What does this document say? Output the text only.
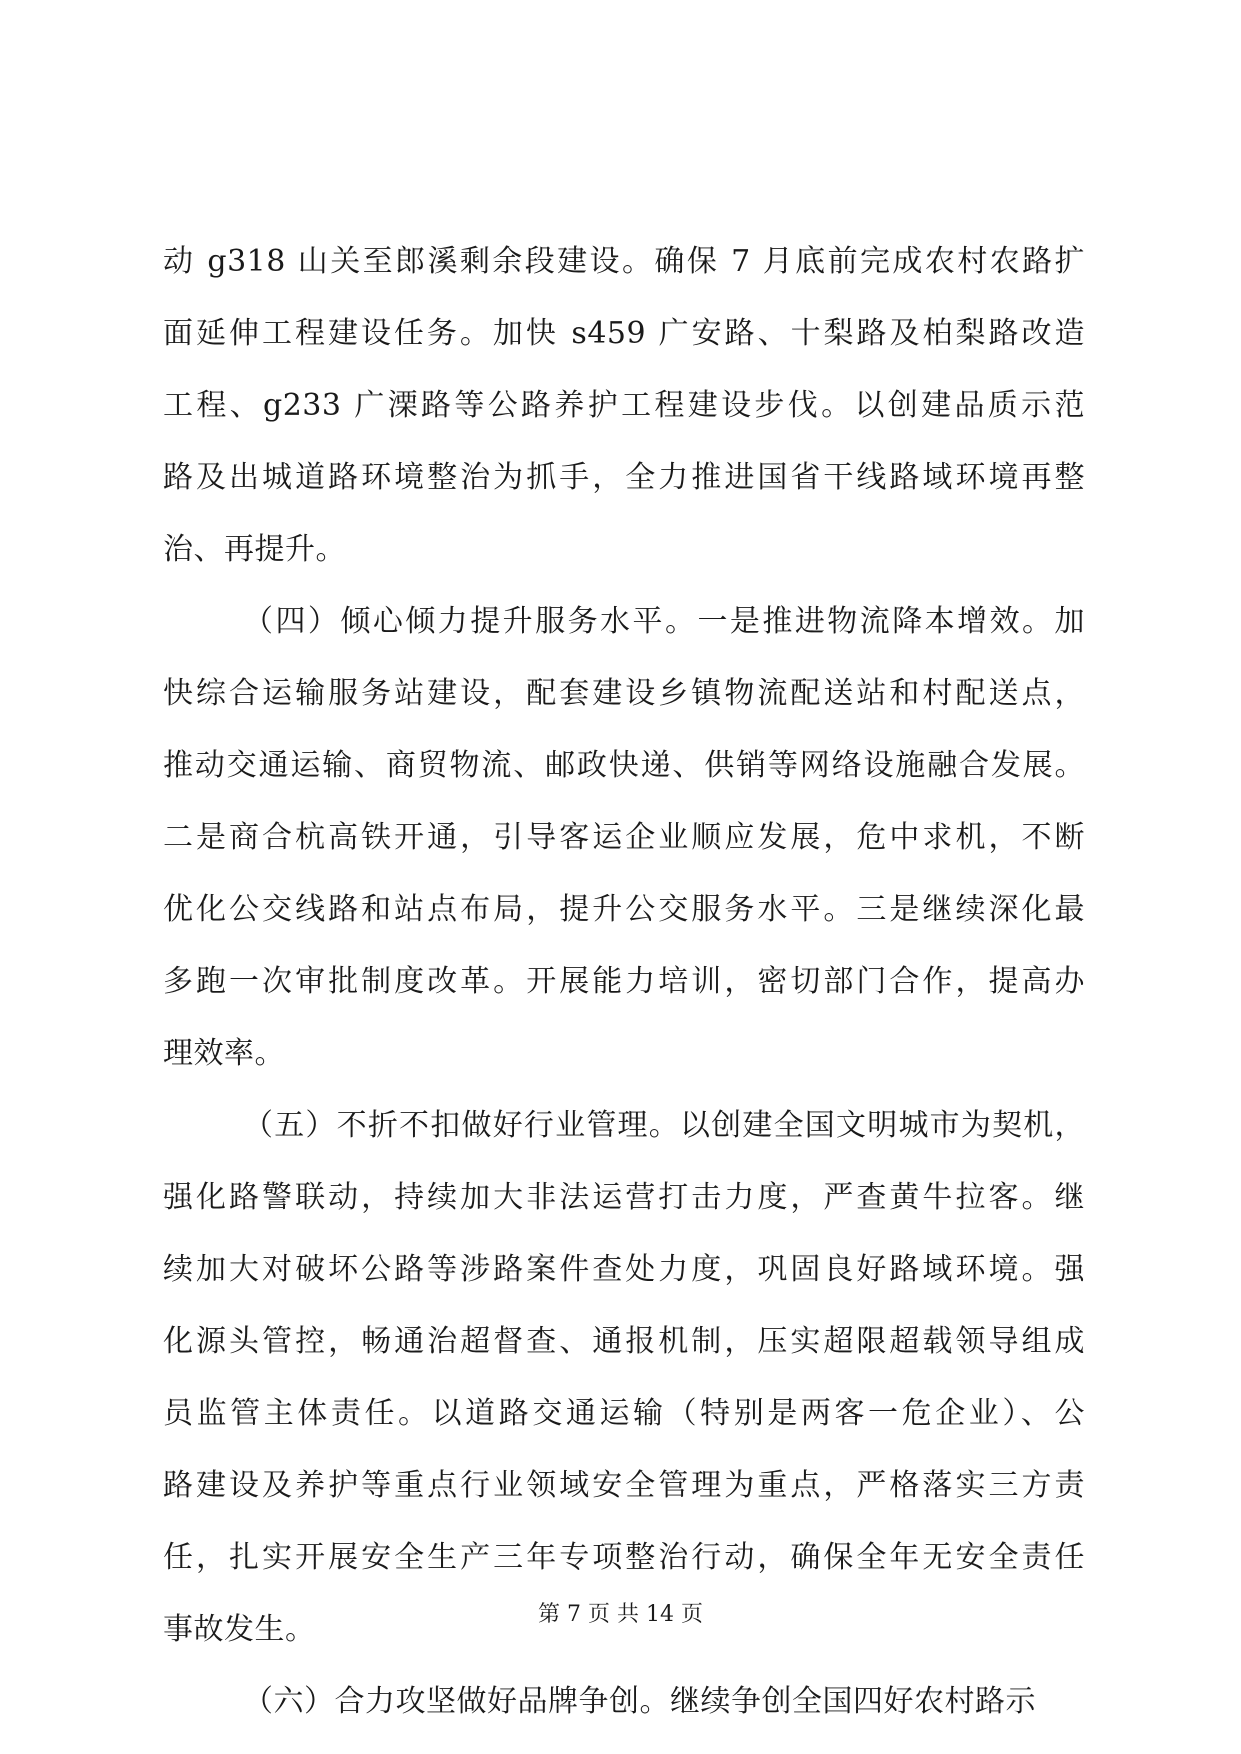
动 g318 山关至郎溪剩余段建设。确保 7 月底前完成农村农路扩
面延伸工程建设任务。加快 s459 广安路、十梨路及柏梨路改造
工程、g233 广溧路等公路养护工程建设步伐。以创建品质示范
路及出城道路环境整治为抓手，全力推进国省干线路域环境再整
治、再提升。
（四）倾心倾力提升服务水平。一是推进物流降本增效。加
快综合运输服务站建设，配套建设乡镇物流配送站和村配送点，
推动交通运输、商贸物流、邮政快递、供销等网络设施融合发展。
二是商合杭高铁开通，引导客运企业顺应发展，危中求机，不断
优化公交线路和站点布局，提升公交服务水平。三是继续深化最
多跑一次审批制度改革。开展能力培训，密切部门合作，提高办
理效率。
（五）不折不扣做好行业管理。以创建全国文明城市为契机，
强化路警联动，持续加大非法运营打击力度，严查黄牛拉客。继
续加大对破坏公路等涉路案件查处力度，巩固良好路域环境。强
化源头管控，畅通治超督查、通报机制，压实超限超载领导组成
员监管主体责任。以道路交通运输（特别是两客一危企业）、公
路建设及养护等重点行业领域安全管理为重点，严格落实三方责
任，扎实开展安全生产三年专项整治行动，确保全年无安全责任
事故发生。
（六）合力攻坚做好品牌争创。继续争创全国四好农村路示
第 7 页 共 14 页
